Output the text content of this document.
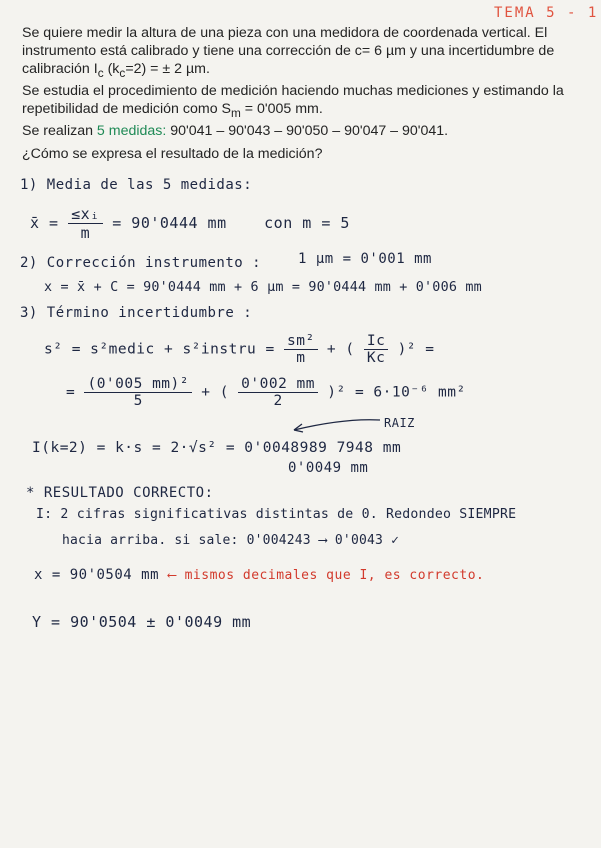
TEMA 5 - 1
Se quiere medir la altura de una pieza con una medidora de coordenada vertical. El instrumento está calibrado y tiene una corrección de c= 6 µm y una incertidumbre de calibración $I_c$ $(k_c=2)$ = ± 2 µm.
Se estudia el procedimiento de medición haciendo muchas mediciones y estimando la repetibilidad de medición como $S_m = 0'005$ mm.
Se realizan 5 medidas: 90'041 – 90'043 – 90'050 – 90'047 – 90'041.
¿Cómo se expresa el resultado de la medición?
1) Media de las 5 medidas:
x̄ = $\frac{\text{≤xᵢ}}{m} = 90'0444$ mm	con m = 5
2) Corrección instrumento :	1 µm = 0'001 mm
x = x̄ + C = 90'0444 mm + 6 µm = 90'0444 mm + 0'006 mm
3) Término incertidumbre :
s² = s²medic + s²instru = $\frac{\text{sm²}}{m}$ + ( $\frac{Ic}{Kc} )^2$ =
= $\frac{\text{(0'005 mm)²}}{5}$ + ( $\frac{0'002 mm}{2} )^2 = 6\cdot 10^{-6}$ mm²
RAIZ
I(k=2) = k·s = 2·√s² = 0'0048989 7948 mm
0'0049 mm
* RESULTADO CORRECTO:
I: 2 cifras significativas distintas de 0. Redondeo SIEMPRE
hacia arriba. si sale: 0'004243 ⟶ 0'0043 ✓
x = 90'0504 mm ⟵ mismos decimales que I, es correcto.
Y = 90'0504 ± 0'0049 mm
